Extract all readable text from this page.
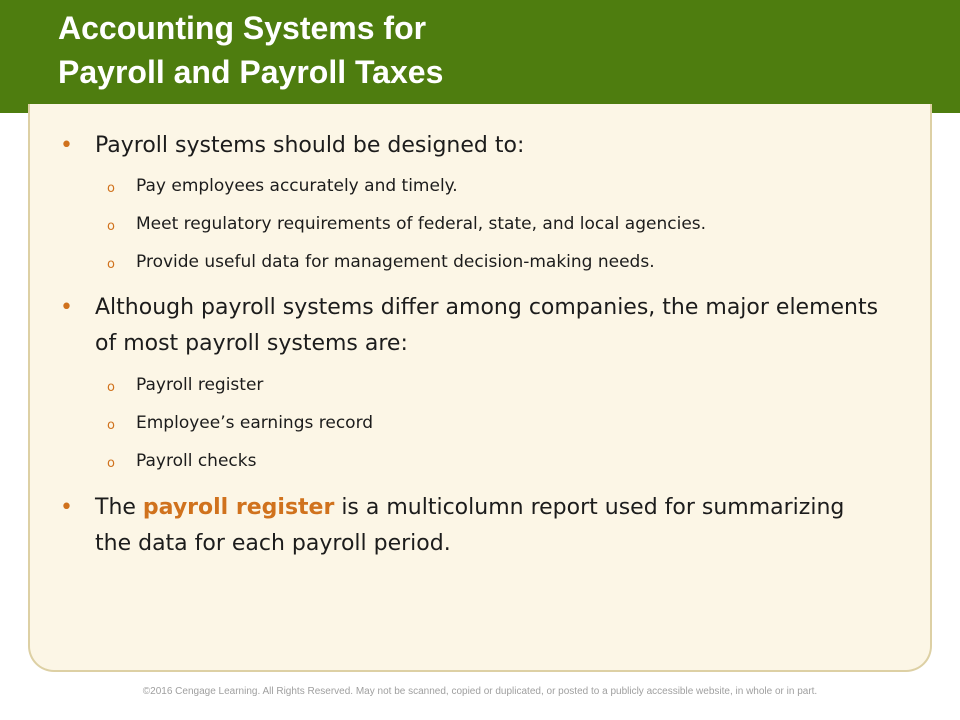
Accounting Systems for
Payroll and Payroll Taxes
• Payroll systems should be designed to:
o Pay employees accurately and timely.
o Meet regulatory requirements of federal, state, and local agencies.
o Provide useful data for management decision-making needs.
• Although payroll systems differ among companies, the major elements of most payroll systems are:
o Payroll register
o Employee’s earnings record
o Payroll checks
• The payroll register is a multicolumn report used for summarizing the data for each payroll period.
©2016 Cengage Learning. All Rights Reserved. May not be scanned, copied or duplicated, or posted to a publicly accessible website, in whole or in part.
